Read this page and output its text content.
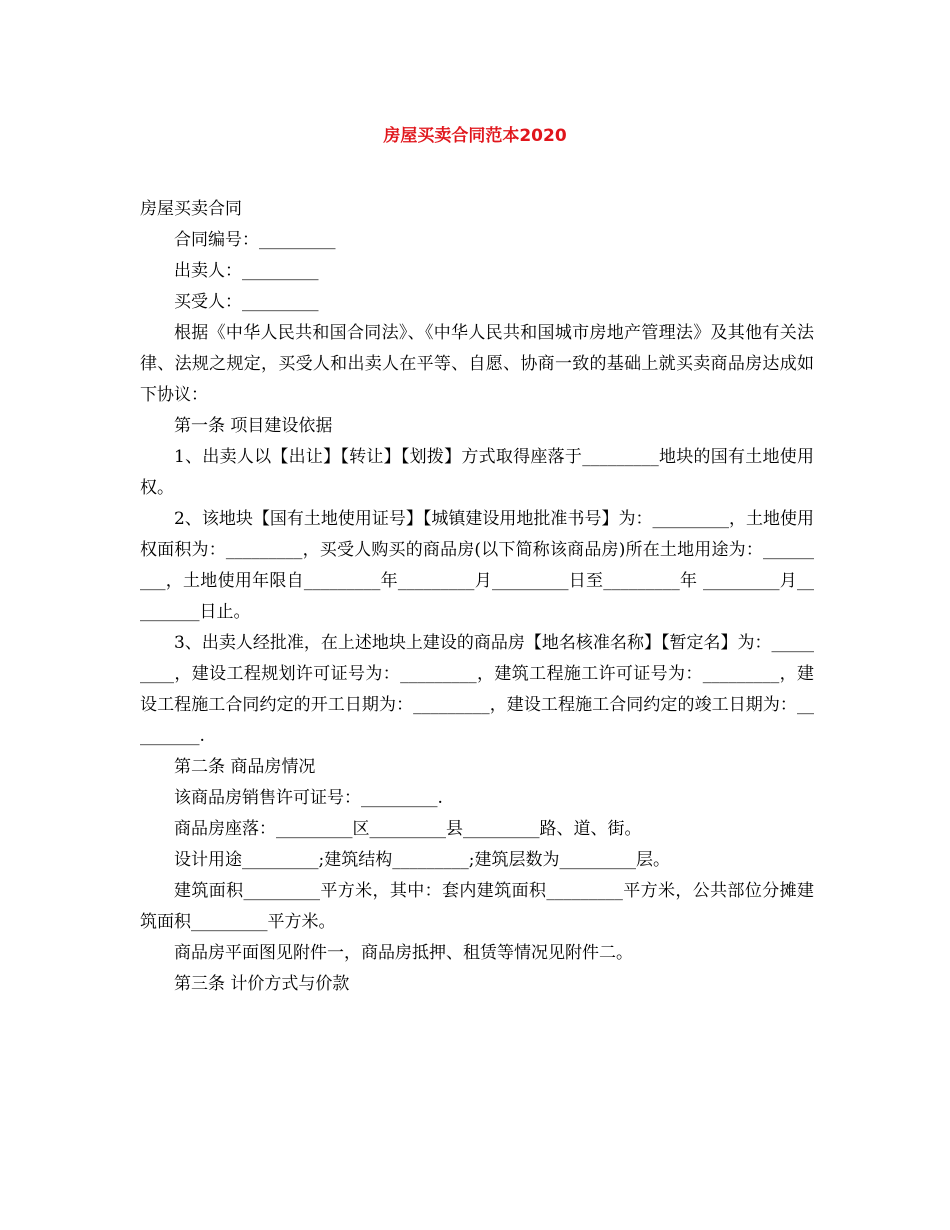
房屋买卖合同范本2020

房屋买卖合同

合同编号：_________

出卖人：_________

买受人：_________

根据《中华人民共和国合同法》、《中华人民共和国城市房地产管理法》及其他有关法律、法规之规定，买受人和出卖人在平等、自愿、协商一致的基础上就买卖商品房达成如下协议：

第一条 项目建设依据

1、出卖人以【出让】【转让】【划拨】方式取得座落于_________地块的国有土地使用权。

2、该地块【国有土地使用证号】【城镇建设用地批准书号】为：_________，土地使用权面积为：_________，买受人购买的商品房(以下简称该商品房)所在土地用途为：_________，土地使用年限自_________年_________月_________日至_________年 _________月_________日止。

3、出卖人经批准，在上述地块上建设的商品房【地名核准名称】【暂定名】为：_________，建设工程规划许可证号为：_________，建筑工程施工许可证号为：_________，建设工程施工合同约定的开工日期为：_________，建设工程施工合同约定的竣工日期为：_________.

第二条 商品房情况

该商品房销售许可证号：_________.

商品房座落：_________区_________县_________路、道、街。

设计用途_________;建筑结构_________;建筑层数为_________层。

建筑面积_________平方米，其中：套内建筑面积_________平方米，公共部位分摊建筑面积_________平方米。

商品房平面图见附件一，商品房抵押、租赁等情况见附件二。

第三条 计价方式与价款
